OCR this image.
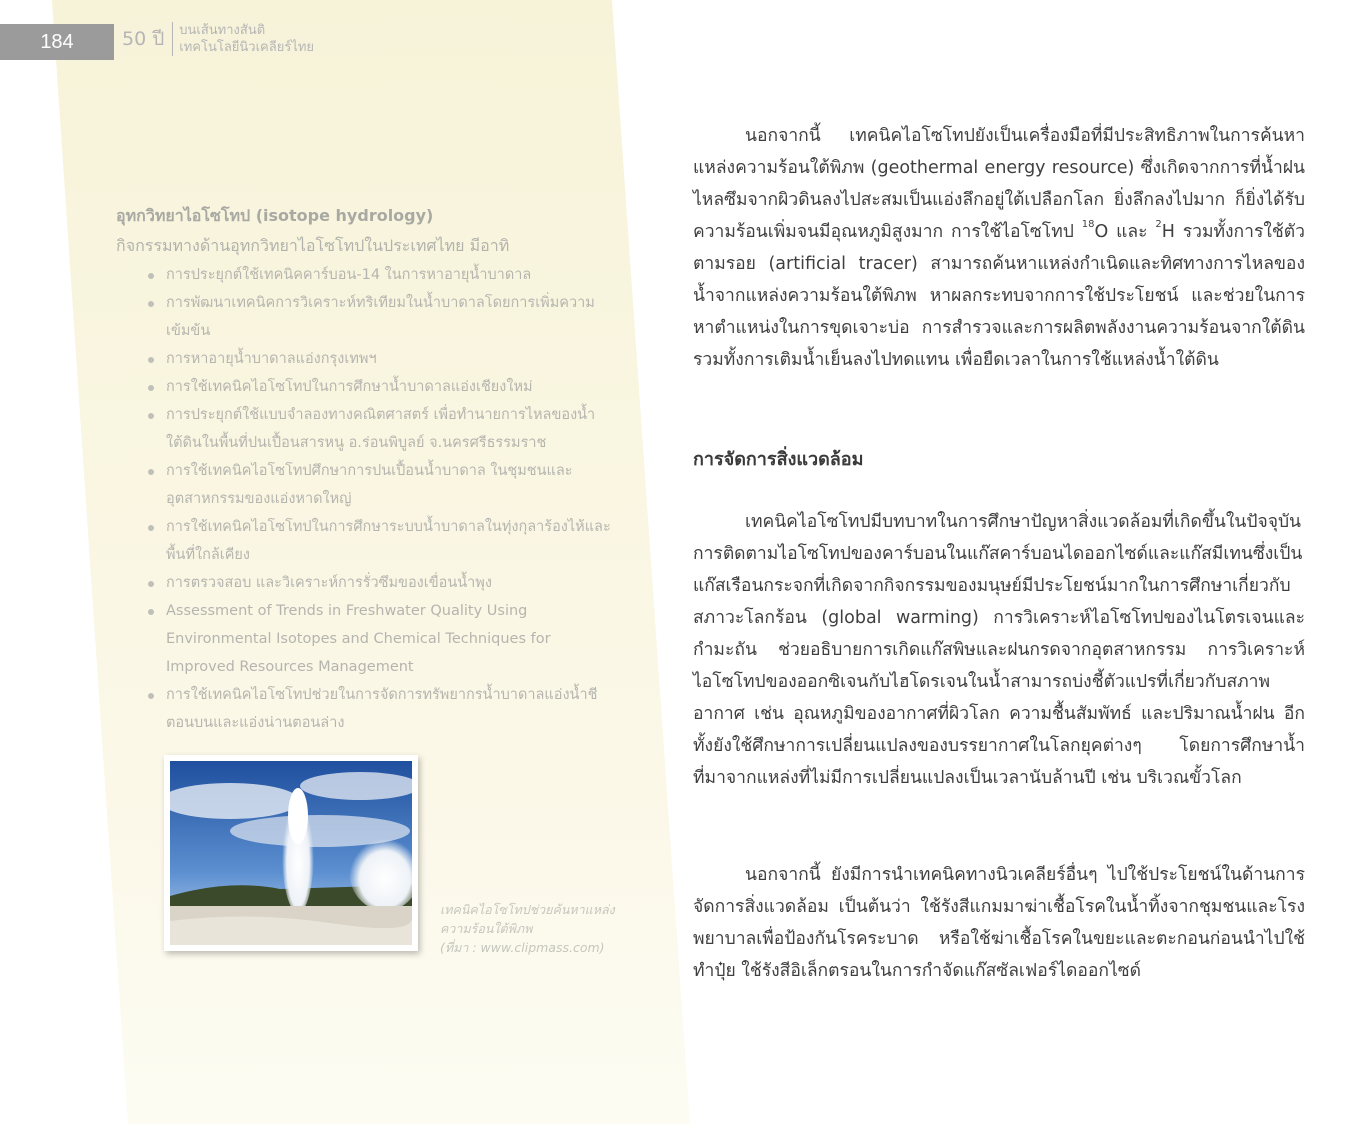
184	50 ปี บนเส้นทางสันติ
เทคโนโลยีนิวเคลียร์ไทย
อุทกวิทยาไอโซโทป (isotope hydrology)
กิจกรรมทางด้านอุทกวิทยาไอโซโทปในประเทศไทย มีอาทิ
การประยุกต์ใช้เทคนิคคาร์บอน-14 ในการหาอายุน้ำบาดาล
การพัฒนาเทคนิคการวิเคราะห์ทริเทียมในน้ำบาดาลโดยการเพิ่มความเข้มข้น
การหาอายุน้ำบาดาลแอ่งกรุงเทพฯ
การใช้เทคนิคไอโซโทปในการศึกษาน้ำบาดาลแอ่งเชียงใหม่
การประยุกต์ใช้แบบจำลองทางคณิตศาสตร์ เพื่อทำนายการไหลของน้ำใต้ดินในพื้นที่ปนเปื้อนสารหนู อ.ร่อนพิบูลย์ จ.นครศรีธรรมราช
การใช้เทคนิคไอโซโทปศึกษาการปนเปื้อนน้ำบาดาล ในชุมชนและอุตสาหกรรมของแอ่งหาดใหญ่
การใช้เทคนิคไอโซโทปในการศึกษาระบบน้ำบาดาลในทุ่งกุลาร้องไห้และพื้นที่ใกล้เคียง
การตรวจสอบ และวิเคราะห์การรั่วซึมของเขื่อนน้ำพุง
Assessment of Trends in Freshwater Quality Using Environmental Isotopes and Chemical Techniques for Improved Resources Management
การใช้เทคนิคไอโซโทปช่วยในการจัดการทรัพยากรน้ำบาดาลแอ่งน้ำชีตอนบนและแอ่งน่านตอนล่าง
เทคนิคไอโซโทปช่วยค้นหาแหล่ง
ความร้อนใต้พิภพ
(ที่มา : www.clipmass.com)

นอกจากนี้ เทคนิคไอโซโทปยังเป็นเครื่องมือที่มีประสิทธิภาพในการค้นหาแหล่งความร้อนใต้พิภพ (geothermal energy resource) ซึ่งเกิดจากการที่น้ำฝนไหลซึมจากผิวดินลงไปสะสมเป็นแอ่งลึกอยู่ใต้เปลือกโลก ยิ่งลึกลงไปมาก ก็ยิ่งได้รับความร้อนเพิ่มจนมีอุณหภูมิสูงมาก การใช้ไอโซโทป $^{18}$O และ $^2$H รวมทั้งการใช้ตัวตามรอย (artificial tracer) สามารถค้นหาแหล่งกำเนิดและทิศทางการไหลของน้ำจากแหล่งความร้อนใต้พิภพ หาผลกระทบจากการใช้ประโยชน์ และช่วยในการหาตำแหน่งในการขุดเจาะบ่อ การสำรวจและการผลิตพลังงานความร้อนจากใต้ดิน รวมทั้งการเติมน้ำเย็นลงไปทดแทน เพื่อยืดเวลาในการใช้แหล่งน้ำใต้ดิน

การจัดการสิ่งแวดล้อม

เทคนิคไอโซโทปมีบทบาทในการศึกษาปัญหาสิ่งแวดล้อมที่เกิดขึ้นในปัจจุบัน การติดตามไอโซโทปของคาร์บอนในแก๊สคาร์บอนไดออกไซด์และแก๊สมีเทนซึ่งเป็นแก๊สเรือนกระจกที่เกิดจากกิจกรรมของมนุษย์มีประโยชน์มากในการศึกษาเกี่ยวกับสภาวะโลกร้อน (global warming) การวิเคราะห์ไอโซโทปของไนโตรเจนและกำมะถัน ช่วยอธิบายการเกิดแก๊สพิษและฝนกรดจากอุตสาหกรรม การวิเคราะห์ไอโซโทปของออกซิเจนกับไฮโดรเจนในน้ำสามารถบ่งชี้ตัวแปรที่เกี่ยวกับสภาพอากาศ เช่น อุณหภูมิของอากาศที่ผิวโลก ความชื้นสัมพัทธ์ และปริมาณน้ำฝน อีกทั้งยังใช้ศึกษาการเปลี่ยนแปลงของบรรยากาศในโลกยุคต่างๆ โดยการศึกษาน้ำที่มาจากแหล่งที่ไม่มีการเปลี่ยนแปลงเป็นเวลานับล้านปี เช่น บริเวณขั้วโลก

นอกจากนี้ ยังมีการนำเทคนิคทางนิวเคลียร์อื่นๆ ไปใช้ประโยชน์ในด้านการจัดการสิ่งแวดล้อม เป็นต้นว่า ใช้รังสีแกมมาฆ่าเชื้อโรคในน้ำทิ้งจากชุมชนและโรงพยาบาลเพื่อป้องกันโรคระบาด หรือใช้ฆ่าเชื้อโรคในขยะและตะกอนก่อนนำไปใช้ทำปุ๋ย ใช้รังสีอิเล็กตรอนในการกำจัดแก๊สซัลเฟอร์ไดออกไซด์
